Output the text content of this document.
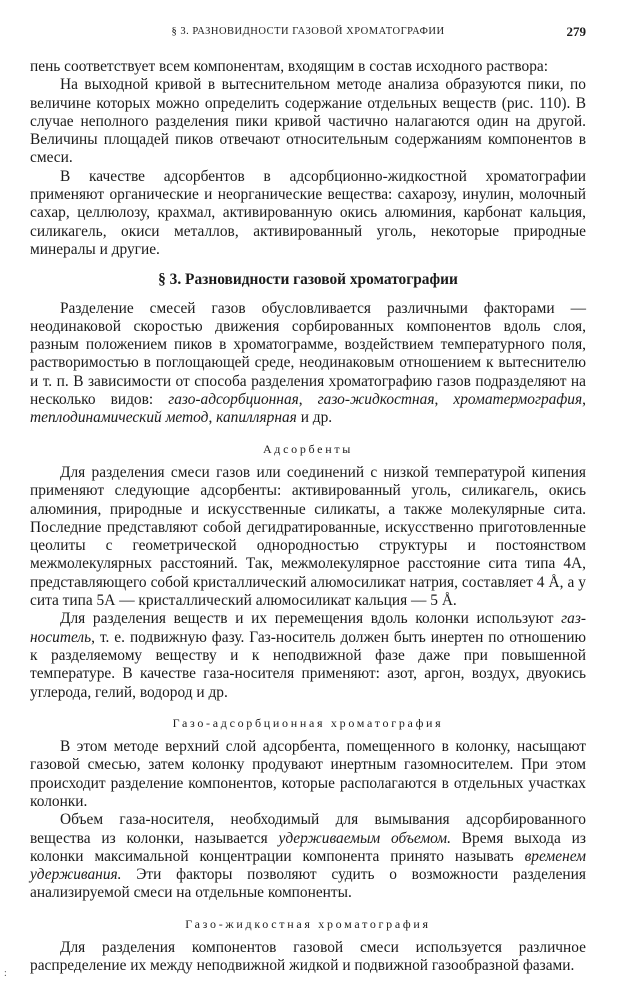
§ 3. РАЗНОВИДНОСТИ ГАЗОВОЙ ХРОМАТОГРАФИИ	279

пень соответствует всем компонентам, входящим в состав исходного раствора:

На выходной кривой в вытеснительном методе анализа образуются пики, по величине которых можно определить содержание отдельных веществ (рис. 110). В случае неполного разделения пики кривой частично налагаются один на другой. Величины площадей пиков отвечают относительным содержаниям компонентов в смеси.

В качестве адсорбентов в адсорбционно-жидкостной хроматографии применяют органические и неорганические вещества: сахарозу, инулин, молочный сахар, целлюлозу, крахмал, активированную окись алюминия, карбонат кальция, силикагель, окиси металлов, активированный уголь, некоторые природные минералы и другие.

§ 3. Разновидности газовой хроматографии

Разделение смесей газов обусловливается различными факторами — неодинаковой скоростью движения сорбированных компонентов вдоль слоя, разным положением пиков в хроматограмме, воздействием температурного поля, растворимостью в поглощающей среде, неодинаковым отношением к вытеснителю и т. п. В зависимости от способа разделения хроматографию газов подразделяют на несколько видов: газо-адсорбционная, газо-жидкостная, хроматермография, теплодинамический метод, капиллярная и др.

Адсорбенты

Для разделения смеси газов или соединений с низкой температурой кипения применяют следующие адсорбенты: активированный уголь, силикагель, окись алюминия, природные и искусственные силикаты, а также молекулярные сита. Последние представляют собой дегидратированные, искусственно приготовленные цеолиты с геометрической однородностью структуры и постоянством межмолекулярных расстояний. Так, межмолекулярное расстояние сита типа 4А, представляющего собой кристаллический алюмосиликат натрия, составляет 4 Å, а у сита типа 5А — кристаллический алюмосиликат кальция — 5 Å.

Для разделения веществ и их перемещения вдоль колонки используют газ-носитель, т. е. подвижную фазу. Газ-носитель должен быть инертен по отношению к разделяемому веществу и к неподвижной фазе даже при повышенной температуре. В качестве газа-носителя применяют: азот, аргон, воздух, двуокись углерода, гелий, водород и др.

Газо-адсорбционная хроматография

В этом методе верхний слой адсорбента, помещенного в колонку, насыщают газовой смесью, затем колонку продувают инертным газомносителем. При этом происходит разделение компонентов, которые располагаются в отдельных участках колонки.

Объем газа-носителя, необходимый для вымывания адсорбированного вещества из колонки, называется удерживаемым объемом. Время выхода из колонки максимальной концентрации компонента принято называть временем удерживания. Эти факторы позволяют судить о возможности разделения анализируемой смеси на отдельные компоненты.

Газо-жидкостная хроматография

Для разделения компонентов газовой смеси используется различное распределение их между неподвижной жидкой и подвижной газообразной фазами.

:
